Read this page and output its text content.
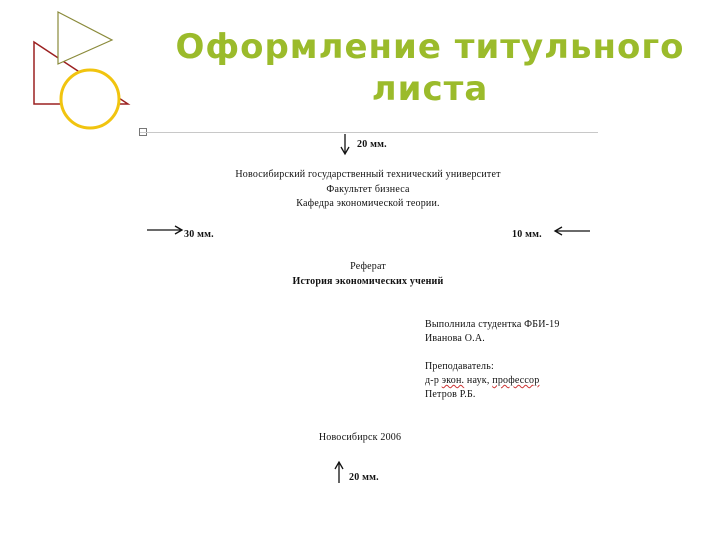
Оформление титульного
листа
20 мм.
30 мм.	10 мм.
20 мм.
Новосибирский государственный технический университет
Факультет бизнеса
Кафедра экономической теории.
Реферат
История экономических учений
Выполнила студентка ФБИ-19
Иванова О.А.
Преподаватель:
д-р экон. наук, профессор
Петров Р.Б.
Новосибирск 2006
